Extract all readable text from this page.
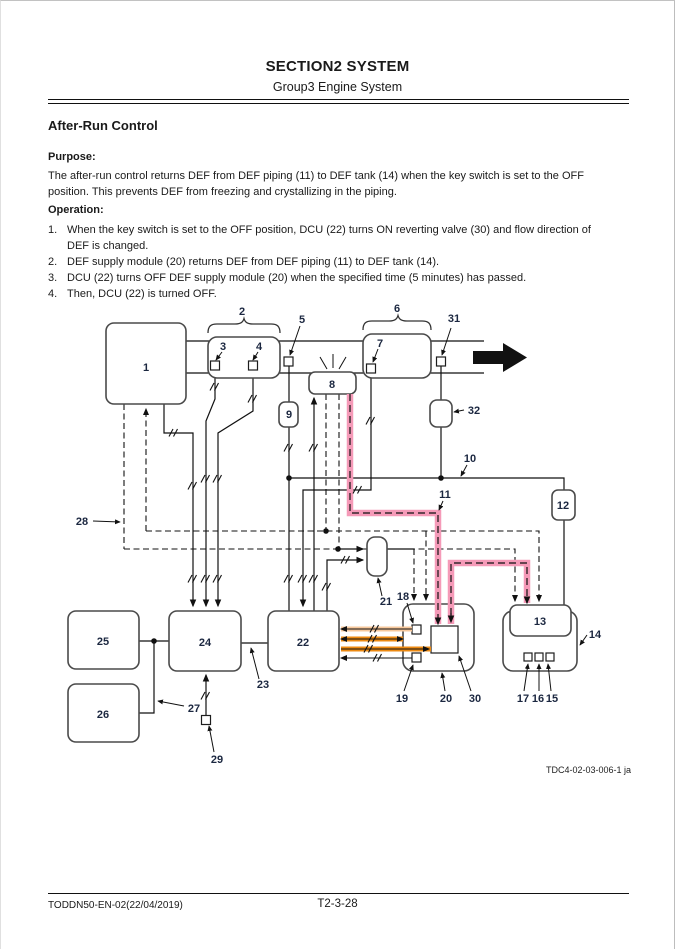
SECTION2 SYSTEM
Group3 Engine System
After-Run Control
Purpose:
The after-run control returns DEF from DEF piping (11) to DEF tank (14) when the key switch is set to the OFF position. This prevents DEF from freezing and crystallizing in the piping.
Operation:
1. When the key switch is set to the OFF position, DCU (22) turns ON reverting valve (30) and flow direction of DEF is changed.
2. DEF supply module (20) returns DEF from DEF piping (11) to DEF tank (14).
3. DCU (22) turns OFF DEF supply module (20) when the specified time (5 minutes) has passed.
4. Then, DCU (22) is turned OFF.
1
2
3	4
5
6
7
8
9
10
11
12
13
14
15
16
17
18
19	20
21
22
23
24
25
26	27
28
29
30
31
32
TDC4-02-03-006-1 ja
TODDN50-EN-02(22/04/2019)	T2-3-28
